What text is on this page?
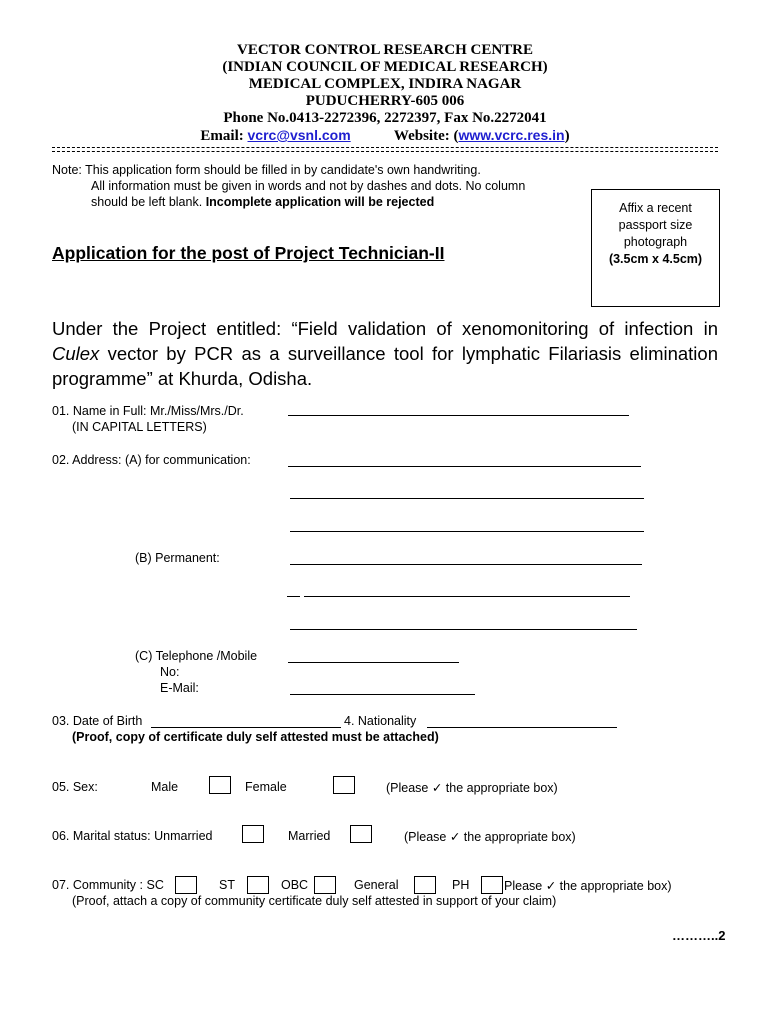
VECTOR CONTROL RESEARCH CENTRE
(INDIAN COUNCIL OF MEDICAL RESEARCH)
MEDICAL COMPLEX, INDIRA NAGAR
PUDUCHERRY-605 006
Phone No.0413-2272396, 2272397, Fax No.2272041
Email: vcrc@vsnl.com	Website: (www.vcrc.res.in)
Note: This application form should be filled in by candidate's own handwriting.
All information must be given in words and not by dashes and dots. No column
should be left blank. Incomplete application will be rejected	Affix a recent
passport size
photograph
(3.5cm x 4.5cm)
Application for the post of Project Technician-II
Under the Project entitled: “Field validation of xenomonitoring of infection in Culex vector by PCR as a surveillance tool for lymphatic Filariasis elimination programme” at Khurda, Odisha.
01. Name in Full: Mr./Miss/Mrs./Dr.
(IN CAPITAL LETTERS)
02. Address: (A) for communication:
(B) Permanent:
(C) Telephone /Mobile
No:
E-Mail:
03. Date of Birth	4. Nationality
(Proof, copy of certificate duly self attested must be attached)
05. Sex:	Male	Female	(Please ✓ the appropriate box)
06. Marital status: Unmarried	Married	(Please ✓ the appropriate box)
07. Community : SC	ST	OBC	General	PH	Please ✓ the appropriate box)
(Proof, attach a copy of community certificate duly self attested in support of your claim)
………..2
